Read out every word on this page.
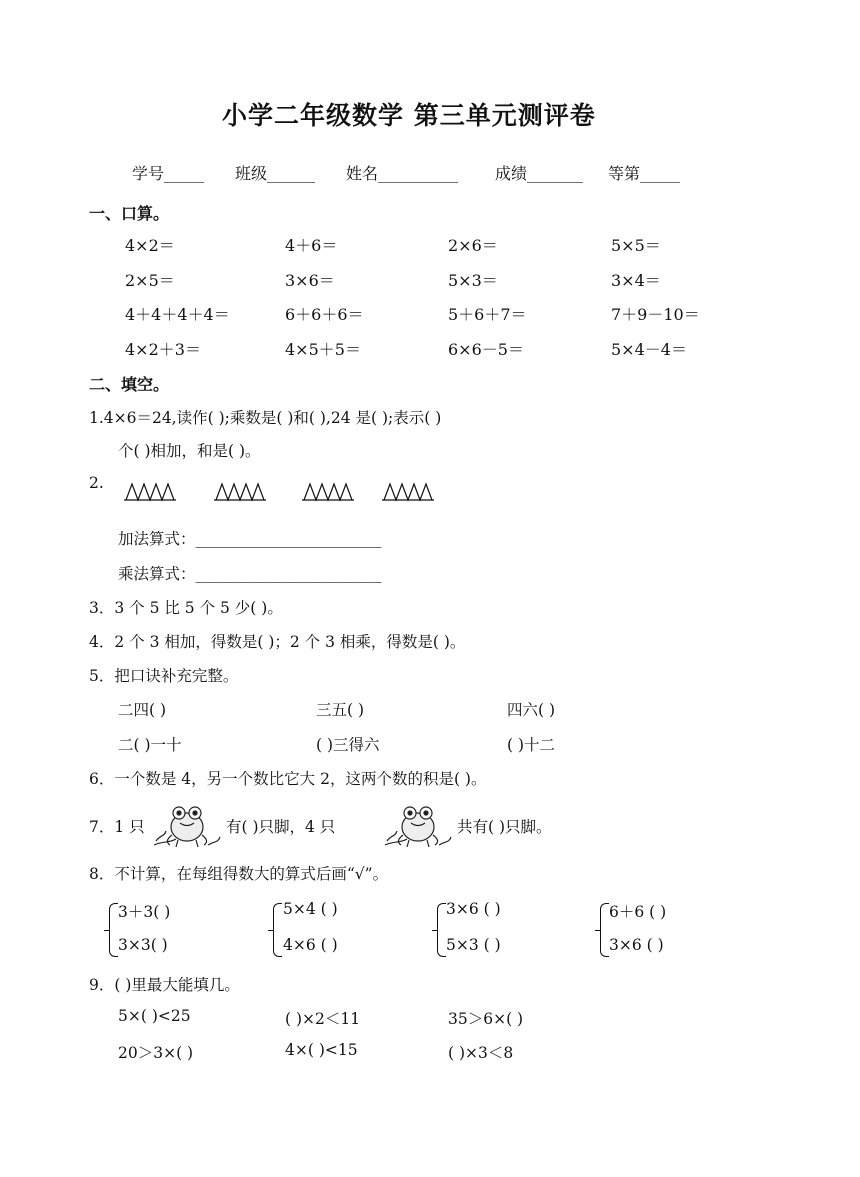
小学二年级数学 第三单元测评卷
学号_____ 班级______ 姓名__________ 成绩_______ 等第_____
一、口算。
4×2＝	4＋6＝	2×6＝	5×5＝
2×5＝	3×6＝	5×3＝	3×4＝
4＋4＋4＋4＝	6＋6＋6＝	5＋6＋7＝	7＋9－10＝
4×2＋3＝	4×5＋5＝	6×6－5＝	5×4－4＝
二、填空。
1.4×6＝24,读作( );乘数是( )和( ),24 是( );表示( )
个( )相加，和是( )。
2.
加法算式：________________________
乘法算式：________________________
3．3 个 5 比 5 个 5 少( )。
4．2 个 3 相加，得数是( )；2 个 3 相乘，得数是( )。
5．把口诀补充完整。
二四( )	三五( )	四六( )
二( )一十	( )三得六	( )十二
6．一个数是 4，另一个数比它大 2，这两个数的积是( )。
7．1 只	有( )只脚，4 只	共有( )只脚。
8．不计算，在每组得数大的算式后画“√”。
3＋3( )
3×3( )
5×4 ( )
4×6 ( )
3×6 ( )
5×3 ( )
6＋6 ( )
3×6 ( )
9．( )里最大能填几。
5×( )<25	( )×2＜11	35＞6×( )
20＞3×( )	4×( )<15	( )×3＜8
